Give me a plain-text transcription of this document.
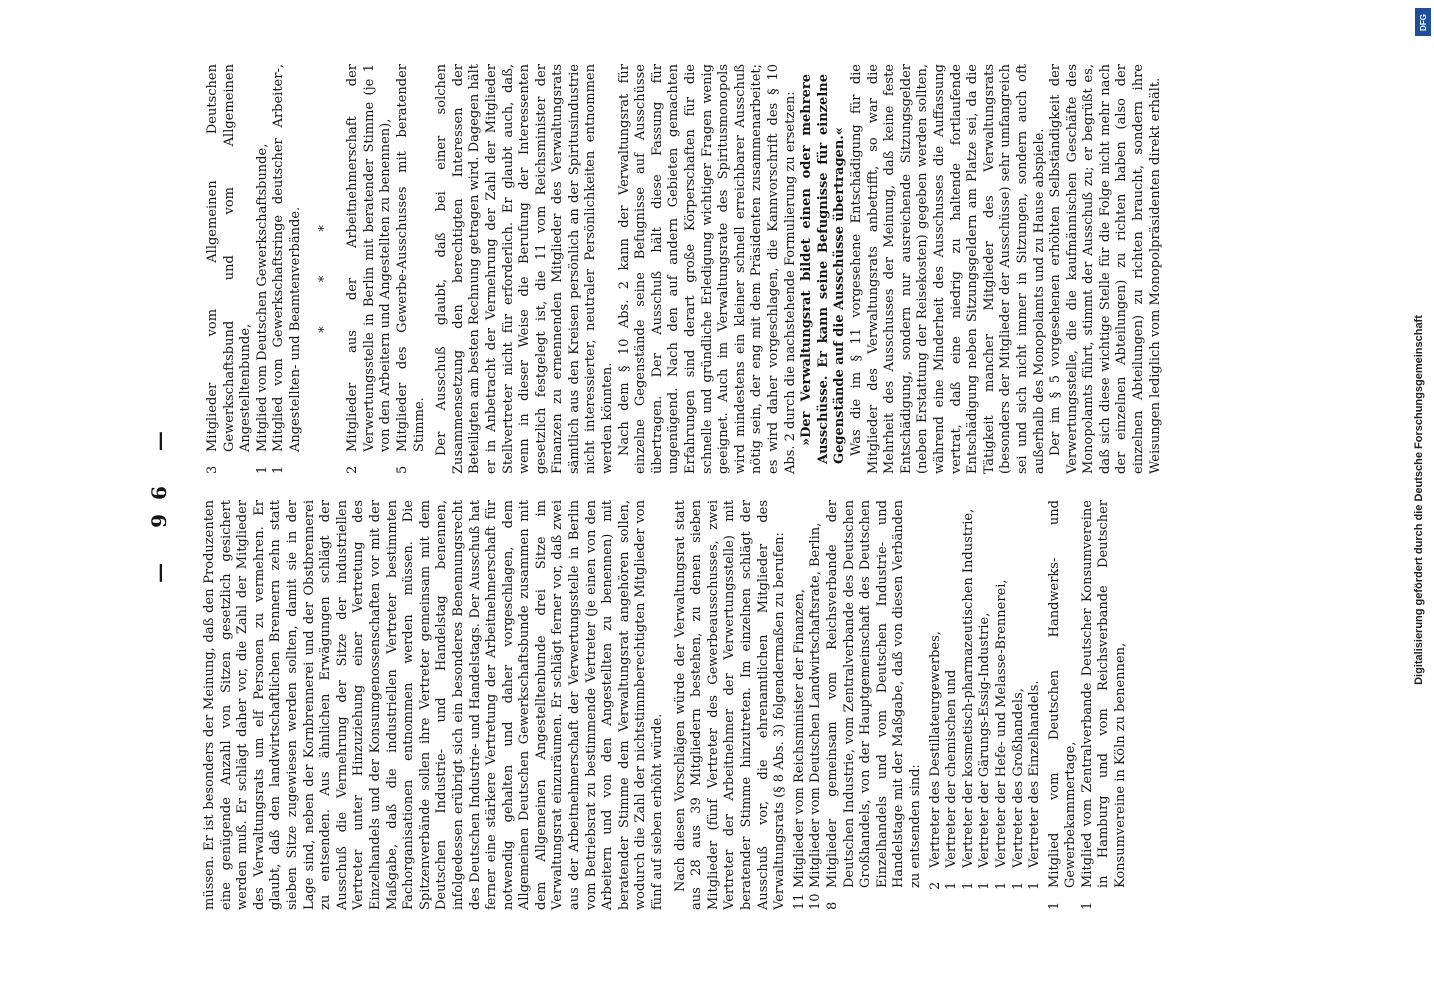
— 96 — müssen. Er ist besonders der Meinung, daß den Produzenten eine genügende Anzahl von Sitzen gesetzlich gesichert werden muß. Er schlägt daher vor, die Zahl der Mitglieder des Verwaltungsrats um elf Personen zu vermehren. Er glaubt, daß den landwirtschaftlichen Brennern zehn statt sieben Sitze zugewiesen werden sollten, damit sie in der Lage sind, neben der Kornbrennerei und der Obstbrennerei zu entsenden. Aus ähnlichen Erwägungen schlägt der Ausschuß die Vermehrung der Sitze der industriellen Vertreter unter Hinzuziehung einer Vertretung des Einzelhandels und der Konsumgenossenschaften vor mit der Maßgabe, daß die industriellen Vertreter bestimmten Fachorganisationen entnommen werden müssen. Die Spitzenverbände sollen ihre Vertreter gemeinsam mit dem Deutschen Industrie- und Handelstag benennen, infolgedessen erübrigt sich ein besonderes Benennungsrecht des Deutschen Industrie- und Handelstags. Der Ausschuß hat ferner eine stärkere Vertretung der Arbeitnehmerschaft für notwendig gehalten und daher vorgeschlagen, dem Allgemeinen Deutschen Gewerkschaftsbunde zusammen mit dem Allgemeinen Angestelltenbunde drei Sitze im Verwaltungsrat einzuräumen. Er schlägt ferner vor, daß zwei aus der Arbeitnehmerschaft der Verwertungsstelle in Berlin vom Betriebsrat zu bestimmende Vertreter (je einen von den Arbeitern und von den Angestellten zu benennen) mit beratender Stimme dem Verwaltungsrat angehören sollen, wodurch die Zahl der nichtstimmberechtigten Mitglieder von fünf auf sieben erhöht würde. Nach diesen Vorschlägen würde der Verwaltungsrat statt aus 28 aus 39 Mitgliedern bestehen, zu denen sieben Mitglieder (fünf Vertreter des Gewerbeausschusses, zwei Vertreter der Arbeitnehmer der Verwertungsstelle) mit beratender Stimme hinzutreten. Im einzelnen schlägt der Ausschuß vor, die ehrenamtlichen Mitglieder des Verwaltungsrats (§ 8 Abs. 3) folgendermaßen zu berufen: 11
Mitglieder vom Reichsminister der Finanzen,
10
Mitglieder vom Deutschen Landwirtschaftsrate, Berlin,
8
Mitglieder gemeinsam vom Reichsverbande der Deutschen Industrie, vom Zentralverbande des Deutschen Großhandels, von der Hauptgemeinschaft des Deutschen Einzelhandels und vom Deutschen Industrie- und Handelstage mit der Maßgabe, daß von diesen Verbänden zu entsenden sind: 2
Vertreter des Destillateurgewerbes,
1
Vertreter der chemischen und
1
Vertreter der kosmetisch-pharmazeutischen Industrie,
1
Vertreter der Gärungs-Essig-Industrie,
1
Vertreter der Hefe- und Melasse-Brennerei,
1
Vertreter des Großhandels,
1
Vertreter des Einzelhandels.
1
Mitglied vom Deutschen Handwerks- und Gewerbekammertage,
1
Mitglied vom Zentralverbande Deutscher Konsumvereine in Hamburg und vom Reichsverbande Deutscher Konsumvereine in Köln zu benennen,
3
Mitglieder vom Allgemeinen Deutschen Gewerkschaftsbund und vom Allgemeinen Angestelltenbunde,
1
Mitglied vom Deutschen Gewerkschaftsbunde,
1
Mitglied vom Gewerkschaftsringe deutscher Arbeiter-, Angestellten- und Beamtenverbände. * * *
2
Mitglieder aus der Arbeitnehmerschaft der Verwertungsstelle in Berlin mit beratender Stimme (je 1 von den Arbeitern und Angestellten zu benennen),
5
Mitglieder des Gewerbe-Ausschusses mit beratender Stimme. Der Ausschuß glaubt, daß bei einer solchen Zusammensetzung den berechtigten Interessen der Beteiligten am besten Rechnung getragen wird. Dagegen hält er in Anbetracht der Vermehrung der Zahl der Mitglieder Stellvertreter nicht für erforderlich. Er glaubt auch, daß, wenn in dieser Weise die Berufung der Interessenten gesetzlich festgelegt ist, die 11 vom Reichsminister der Finanzen zu ernennenden Mitglieder des Verwaltungsrats sämtlich aus den Kreisen persönlich an der Spiritusindustrie nicht interessierter, neutraler Persönlichkeiten entnommen werden könnten. Nach dem § 10 Abs. 2 kann der Verwaltungsrat für einzelne Gegenstände seine Befugnisse auf Ausschüsse übertragen. Der Ausschuß hält diese Fassung für ungenügend. Nach den auf andern Gebieten gemachten Erfahrungen sind derart große Körperschaften für die schnelle und gründliche Erledigung wichtiger Fragen wenig geeignet. Auch im Verwaltungsrate des Spiritusmonopols wird mindestens ein kleiner schnell erreichbarer Ausschuß nötig sein, der eng mit dem Präsidenten zusammenarbeitet; es wird daher vorgeschlagen, die Kannvorschrift des § 10 Abs. 2 durch die nachstehende Formulierung zu ersetzen: »Der Verwaltungsrat bildet einen oder mehrere Ausschüsse. Er kann seine Befugnisse für einzelne Gegenstände auf die Ausschüsse übertragen.« Was die im § 11 vorgesehene Entschädigung für die Mitglieder des Verwaltungsrats anbetrifft, so war die Mehrheit des Ausschusses der Meinung, daß keine feste Entschädigung, sondern nur ausreichende Sitzungsgelder (neben Erstattung der Reisekosten) gegeben werden sollten, während eine Minderheit des Ausschusses die Auffassung vertrat, daß eine niedrig zu haltende fortlaufende Entschädigung neben Sitzungsgeldern am Platze sei, da die Tätigkeit mancher Mitglieder des Verwaltungsrats (besonders der Mitglieder der Ausschüsse) sehr umfangreich sei und sich nicht immer in Sitzungen, sondern auch oft außerhalb des Monopolamts und zu Hause abspiele. Der im § 5 vorgesehenen erhöhten Selbständigkeit der Verwertungsstelle, die die kaufmännischen Geschäfte des Monopolamts führt, stimmt der Ausschuß zu; er begrüßt es, daß sich diese wichtige Stelle für die Folge nicht mehr nach der einzelnen Abteilungen) zu richten haben (also der einzelnen Abteilungen) zu richten braucht, sondern ihre Weisungen lediglich vom Monopolpräsidenten direkt erhält.

Digitalisierung gefördert durch die Deutsche Forschungsgemeinschaft
DFG
